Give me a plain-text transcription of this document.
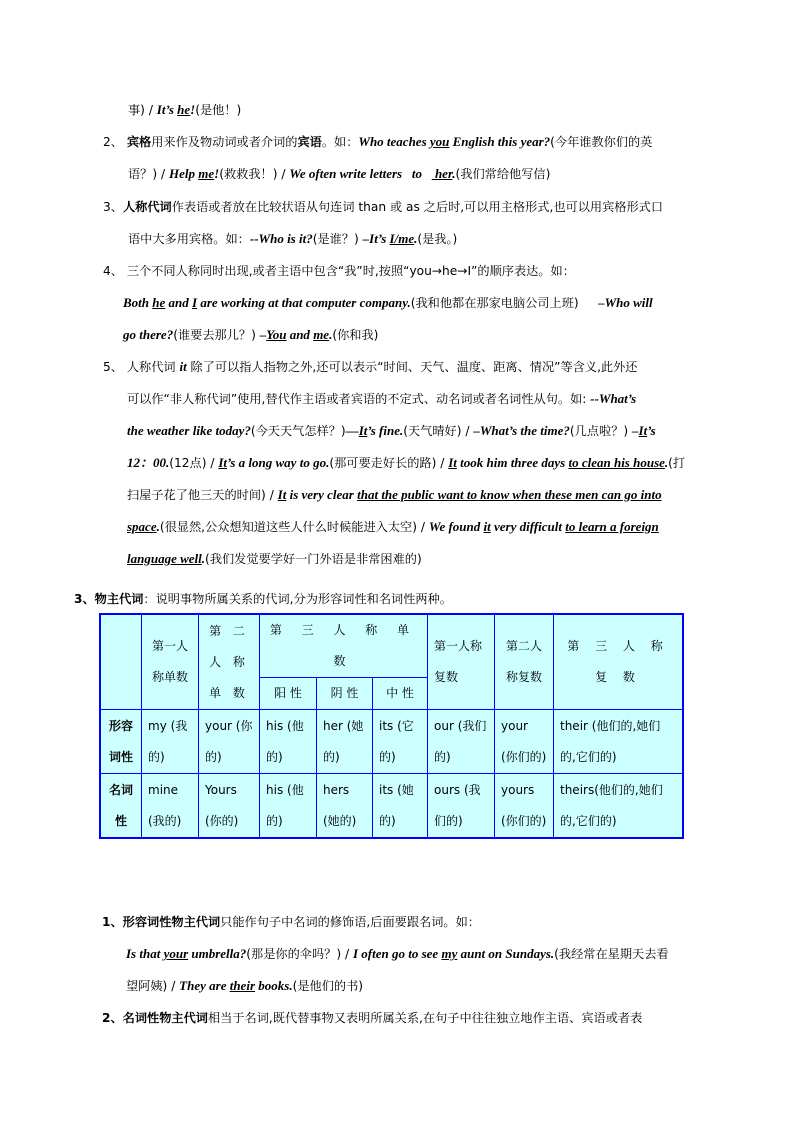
事) / It’s he!(是他！)
2、 宾格用来作及物动词或者介词的宾语。如：Who teaches you English this year?(今年谁教你们的英
语？) / Help me!(救救我！) / We often write letters   to    her.(我们常给他写信)
3、人称代词作表语或者放在比较状语从句连词 than 或 as 之后时,可以用主格形式,也可以用宾格形式口
语中大多用宾格。如：--Who is it?(是谁？) –It’s I/me.(是我。)
4、 三个不同人称同时出现,或者主语中包含“我”时,按照“you→he→I”的顺序表达。如：
Both he and I are working at that computer company.(我和他都在那家电脑公司上班)     –Who will
go there?(谁要去那儿？) –You and me.(你和我)
5、 人称代词 it 除了可以指人指物之外,还可以表示“时间、天气、温度、距离、情况”等含义,此外还
可以作“非人称代词”使用,替代作主语或者宾语的不定式、动名词或者名词性从句。如: --What’s
the weather like today?(今天天气怎样？)—It’s fine.(天气晴好) / –What’s the time?(几点啦？) –It’s
12：00.(12点) / It’s a long way to go.(那可要走好长的路) / It took him three days to clean his house.(打
扫屋子花了他三天的时间) / It is very clear that the public want to know when these men can go into
space.(很显然,公众想知道这些人什么时候能进入太空) / We found it very difficult to learn a foreign
language well.(我们发觉要学好一门外语是非常困难的)
3、物主代词：说明事物所属关系的代词,分为形容词性和名词性两种。
	第一人称单数	第 二 人 称 单 数	第 三 人 称 单 数			第一人称复数	第二人称复数	第 三 人 称 复 数
			阳 性	阴 性	中 性			
形容词性	my (我的)	your (你的)	his (他的)	her (她的)	its (它的)	our (我们的)	your (你们的)	their (他们的,她们的,它们的)
名词性	mine (我的)	Yours (你的)	his (他的)	hers (她的)	its (她的)	ours (我们的)	yours (你们的)	theirs(他们的,她们的,它们的)
1、形容词性物主代词只能作句子中名词的修饰语,后面要跟名词。如：
Is that your umbrella?(那是你的伞吗？) / I often go to see my aunt on Sundays.(我经常在星期天去看
望阿姨) / They are their books.(是他们的书)
2、名词性物主代词相当于名词,既代替事物又表明所属关系,在句子中往往独立地作主语、宾语或者表
